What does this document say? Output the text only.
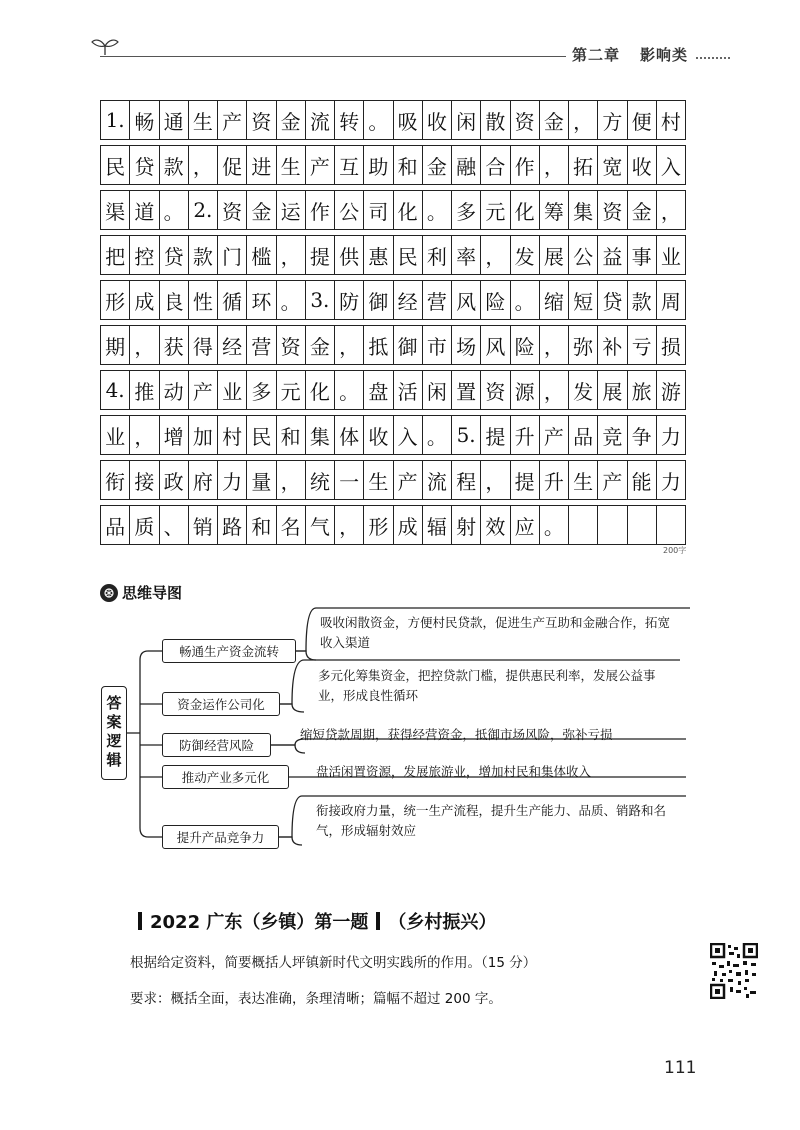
第二章 影响类
1. 畅 通 生 产 资 金 流 转 。 吸 收 闲 散 资 金 ， 方 便 村
民 贷 款 ， 促 进 生 产 互 助 和 金 融 合 作 ， 拓 宽 收 入
渠 道 。 2. 资 金 运 作 公 司 化 。 多 元 化 筹 集 资 金 ，
把 控 贷 款 门 槛 ， 提 供 惠 民 利 率 ， 发 展 公 益 事 业
形 成 良 性 循 环 。 3. 防 御 经 营 风 险 。 缩 短 贷 款 周
期 ， 获 得 经 营 资 金 ， 抵 御 市 场 风 险 ， 弥 补 亏 损
4. 推 动 产 业 多 元 化 。 盘 活 闲 置 资 源 ， 发 展 旅 游
业 ， 增 加 村 民 和 集 体 收 入 。 5. 提 升 产 品 竞 争 力
衔 接 政 府 力 量 ， 统 一 生 产 流 程 ， 提 升 生 产 能 力
品 质 、 销 路 和 名 气 ， 形 成 辐 射 效 应 。
200字
思维导图
答案逻辑
畅通生产资金流转
资金运作公司化
防御经营风险
推动产业多元化
提升产品竞争力
吸收闲散资金，方便村民贷款，促进生产互助和金融合作，拓宽收入渠道
多元化筹集资金，把控贷款门槛，提供惠民利率，发展公益事业，形成良性循环
缩短贷款周期，获得经营资金，抵御市场风险，弥补亏损
盘活闲置资源，发展旅游业，增加村民和集体收入
衔接政府力量，统一生产流程，提升生产能力、品质、销路和名气，形成辐射效应
2022 广东（乡镇）第一题 （乡村振兴）
根据给定资料，简要概括人坪镇新时代文明实践所的作用。（15 分）
要求：概括全面，表达准确，条理清晰；篇幅不超过 200 字。
111
